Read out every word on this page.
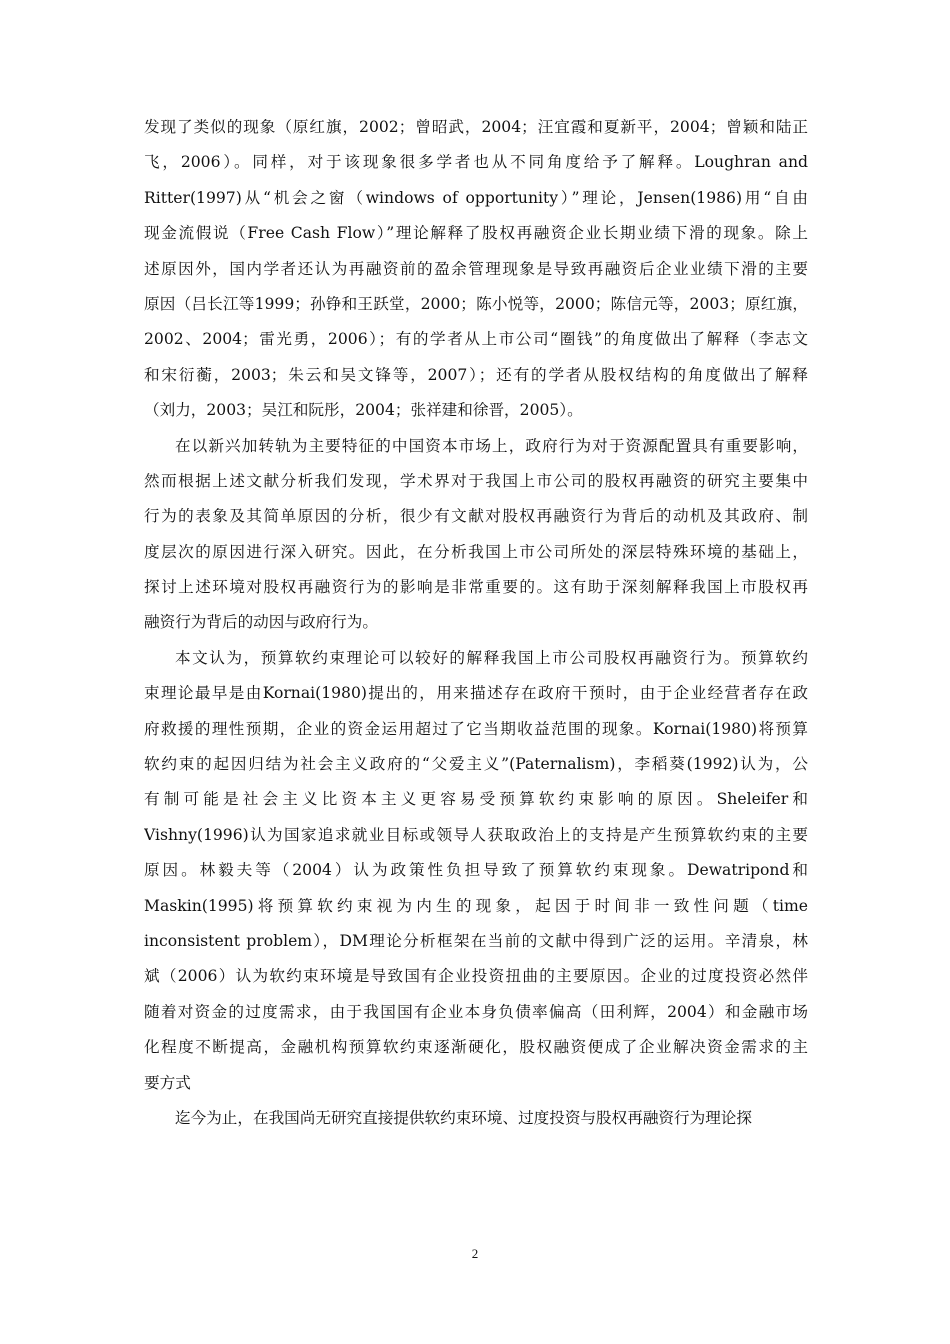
发现了类似的现象（原红旗，2002；曾昭武，2004；汪宜霞和夏新平，2004；曾颖和陆正
飞，2006）。同样，对于该现象很多学者也从不同角度给予了解释。Loughran and
Ritter(1997)从“机会之窗（windows of opportunity）”理论，Jensen(1986)用“自由
现金流假说（Free Cash Flow）”理论解释了股权再融资企业长期业绩下滑的现象。除上
述原因外，国内学者还认为再融资前的盈余管理现象是导致再融资后企业业绩下滑的主要
原因（吕长江等1999；孙铮和王跃堂，2000；陈小悦等，2000；陈信元等，2003；原红旗，
2002、2004；雷光勇，2006）；有的学者从上市公司“圈钱”的角度做出了解释（李志文
和宋衍蘅，2003；朱云和吴文锋等，2007）；还有的学者从股权结构的角度做出了解释
（刘力，2003；吴江和阮彤，2004；张祥建和徐晋，2005）。
在以新兴加转轨为主要特征的中国资本市场上，政府行为对于资源配置具有重要影响，
然而根据上述文献分析我们发现，学术界对于我国上市公司的股权再融资的研究主要集中
行为的表象及其简单原因的分析，很少有文献对股权再融资行为背后的动机及其政府、制
度层次的原因进行深入研究。因此，在分析我国上市公司所处的深层特殊环境的基础上，
探讨上述环境对股权再融资行为的影响是非常重要的。这有助于深刻解释我国上市股权再
融资行为背后的动因与政府行为。
本文认为，预算软约束理论可以较好的解释我国上市公司股权再融资行为。预算软约
束理论最早是由Kornai(1980)提出的，用来描述存在政府干预时，由于企业经营者存在政
府救援的理性预期，企业的资金运用超过了它当期收益范围的现象。Kornai(1980)将预算
软约束的起因归结为社会主义政府的“父爱主义”(Paternalism)，李稻葵(1992)认为，公
有制可能是社会主义比资本主义更容易受预算软约束影响的原因。Sheleifer和
Vishny(1996)认为国家追求就业目标或领导人获取政治上的支持是产生预算软约束的主要
原因。林毅夫等（2004）认为政策性负担导致了预算软约束现象。Dewatripond和
Maskin(1995)将预算软约束视为内生的现象，起因于时间非一致性问题（time
inconsistent problem），DM理论分析框架在当前的文献中得到广泛的运用。辛清泉，林
斌（2006）认为软约束环境是导致国有企业投资扭曲的主要原因。企业的过度投资必然伴
随着对资金的过度需求，由于我国国有企业本身负债率偏高（田利辉，2004）和金融市场
化程度不断提高，金融机构预算软约束逐渐硬化，股权融资便成了企业解决资金需求的主
要方式
迄今为止，在我国尚无研究直接提供软约束环境、过度投资与股权再融资行为理论探
2
